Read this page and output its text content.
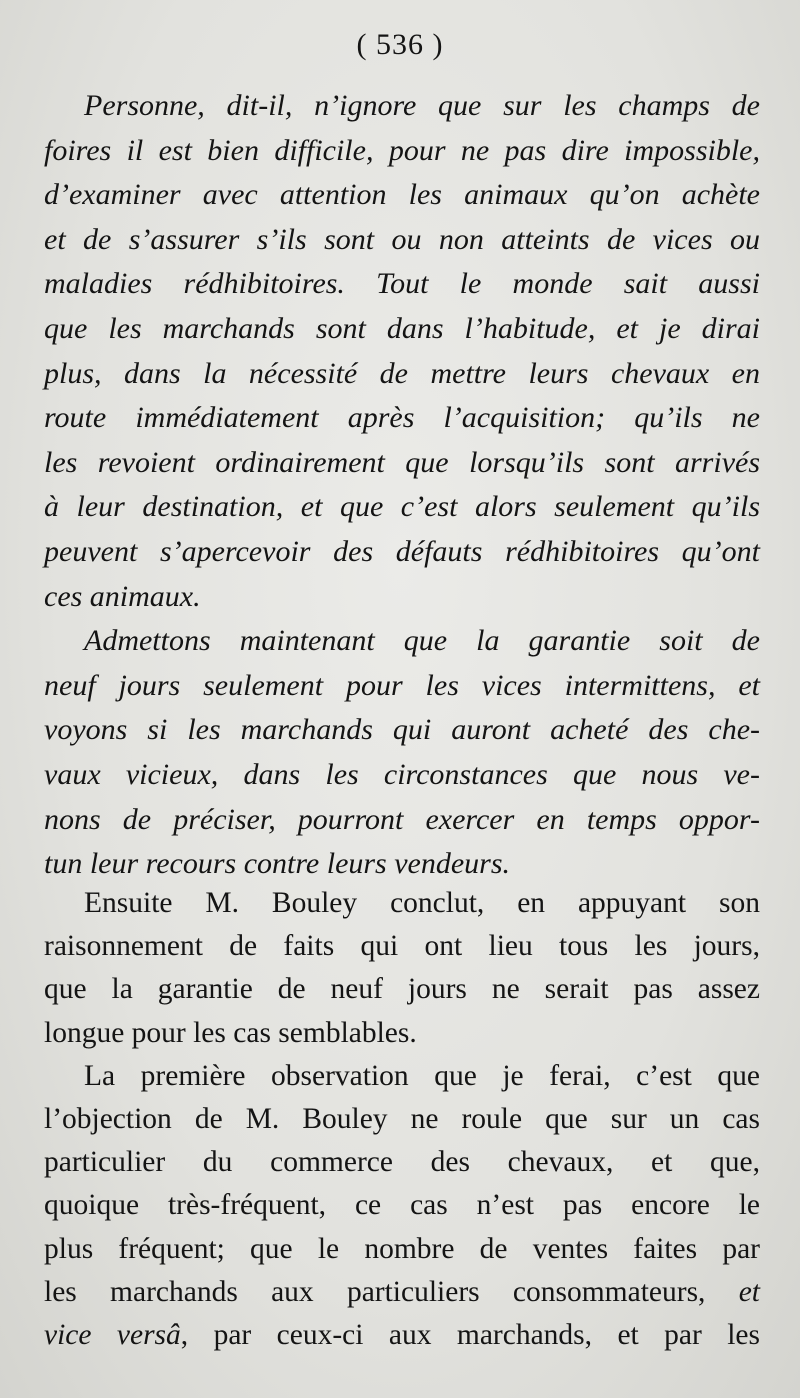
( 536 )
Personne, dit-il, n’ignore que sur les champs de
foires il est bien difficile, pour ne pas dire impossible,
d’examiner avec attention les animaux qu’on achète
et de s’assurer s’ils sont ou non atteints de vices ou
maladies rédhibitoires. Tout le monde sait aussi
que les marchands sont dans l’habitude, et je dirai
plus, dans la nécessité de mettre leurs chevaux en
route immédiatement après l’acquisition; qu’ils ne
les revoient ordinairement que lorsqu’ils sont arrivés
à leur destination, et que c’est alors seulement qu’ils
peuvent s’apercevoir des défauts rédhibitoires qu’ont
ces animaux.
Admettons maintenant que la garantie soit de
neuf jours seulement pour les vices intermittens, et
voyons si les marchands qui auront acheté des che-
vaux vicieux, dans les circonstances que nous ve-
nons de préciser, pourront exercer en temps oppor-
tun leur recours contre leurs vendeurs.
Ensuite M. Bouley conclut, en appuyant son
raisonnement de faits qui ont lieu tous les jours,
que la garantie de neuf jours ne serait pas assez
longue pour les cas semblables.
La première observation que je ferai, c’est que
l’objection de M. Bouley ne roule que sur un cas
particulier du commerce des chevaux, et que,
quoique très-fréquent, ce cas n’est pas encore le
plus fréquent; que le nombre de ventes faites par
les marchands aux particuliers consommateurs, et
vice versâ, par ceux-ci aux marchands, et par les
